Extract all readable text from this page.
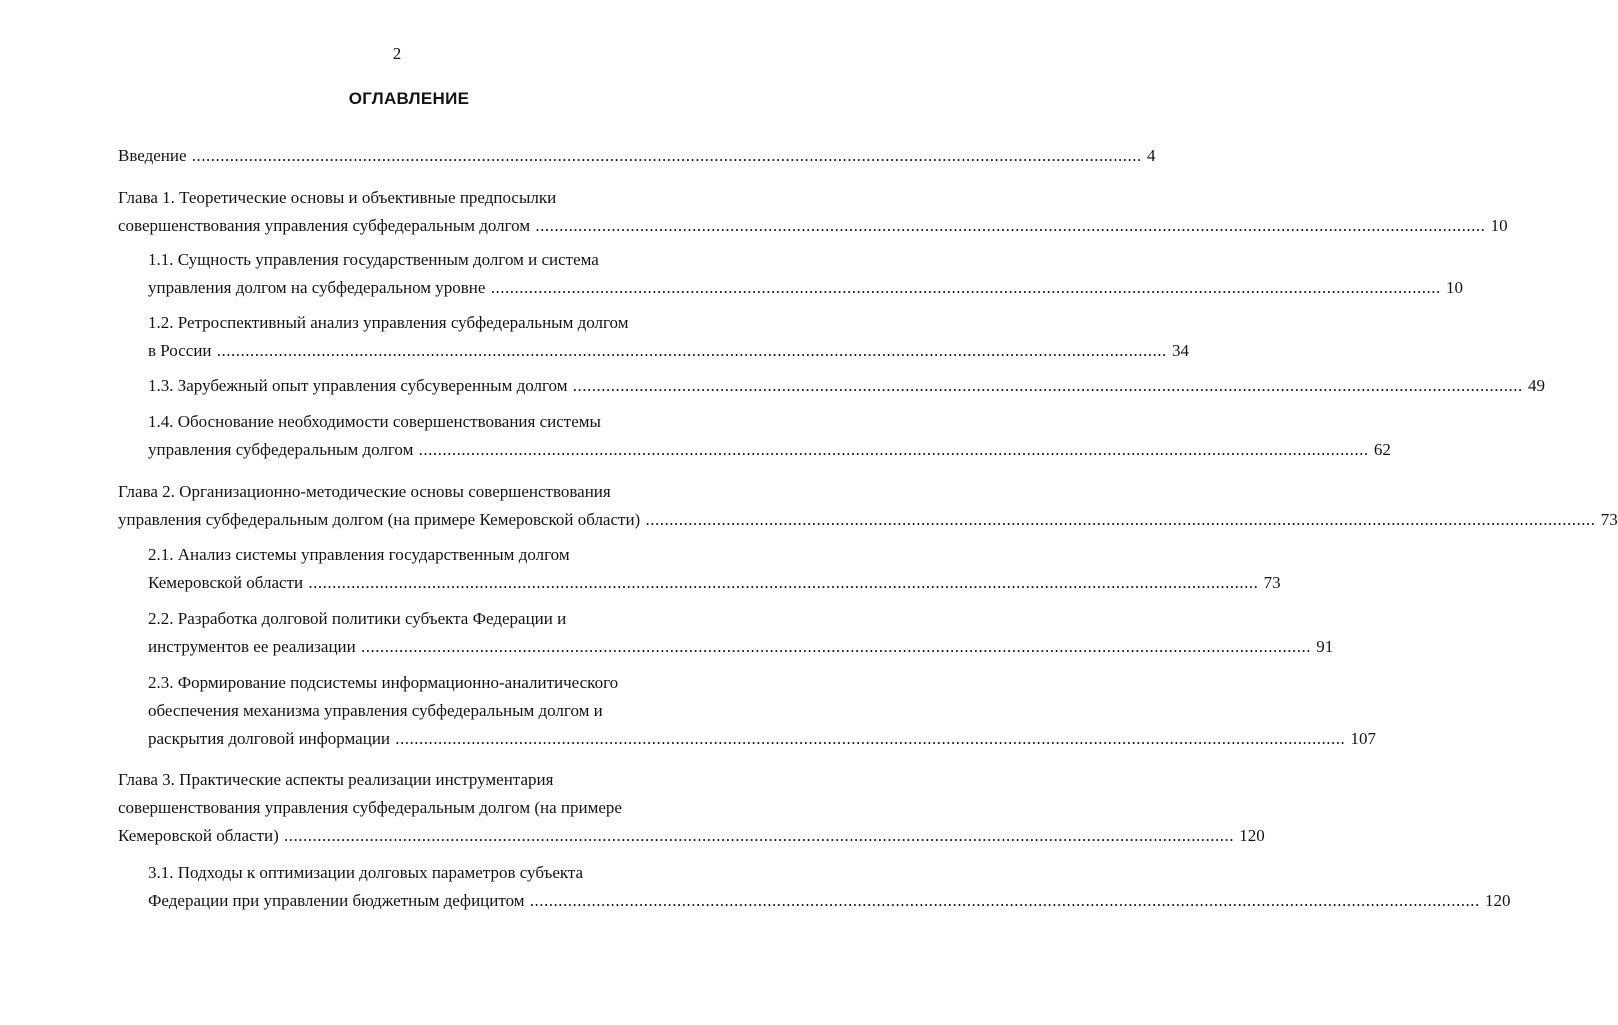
2
ОГЛАВЛЕНИЕ
Введение .....	4
Глава 1. Теоретические основы и объективные предпосылки
совершенствования управления субфедеральным долгом .....	10
1.1. Сущность управления государственным долгом и система
управления долгом на субфедеральном уровне .....	10
1.2. Ретроспективный анализ управления субфедеральным долгом
в России .....	34
1.3. Зарубежный опыт управления субсуверенным долгом .....	49
1.4. Обоснование необходимости совершенствования системы
управления субфедеральным долгом .....	62
Глава 2. Организационно-методические основы совершенствования
управления субфедеральным долгом (на примере Кемеровской области) .....	73
2.1. Анализ системы управления государственным долгом
Кемеровской области .....	73
2.2. Разработка долговой политики субъекта Федерации и
инструментов ее реализации .....	91
2.3. Формирование подсистемы информационно-аналитического
обеспечения механизма управления субфедеральным долгом и
раскрытия долговой информации .....	107
Глава 3. Практические аспекты реализации инструментария
совершенствования управления субфедеральным долгом (на примере
Кемеровской области) .....	120
3.1. Подходы к оптимизации долговых параметров субъекта
Федерации при управлении бюджетным дефицитом .....	120
